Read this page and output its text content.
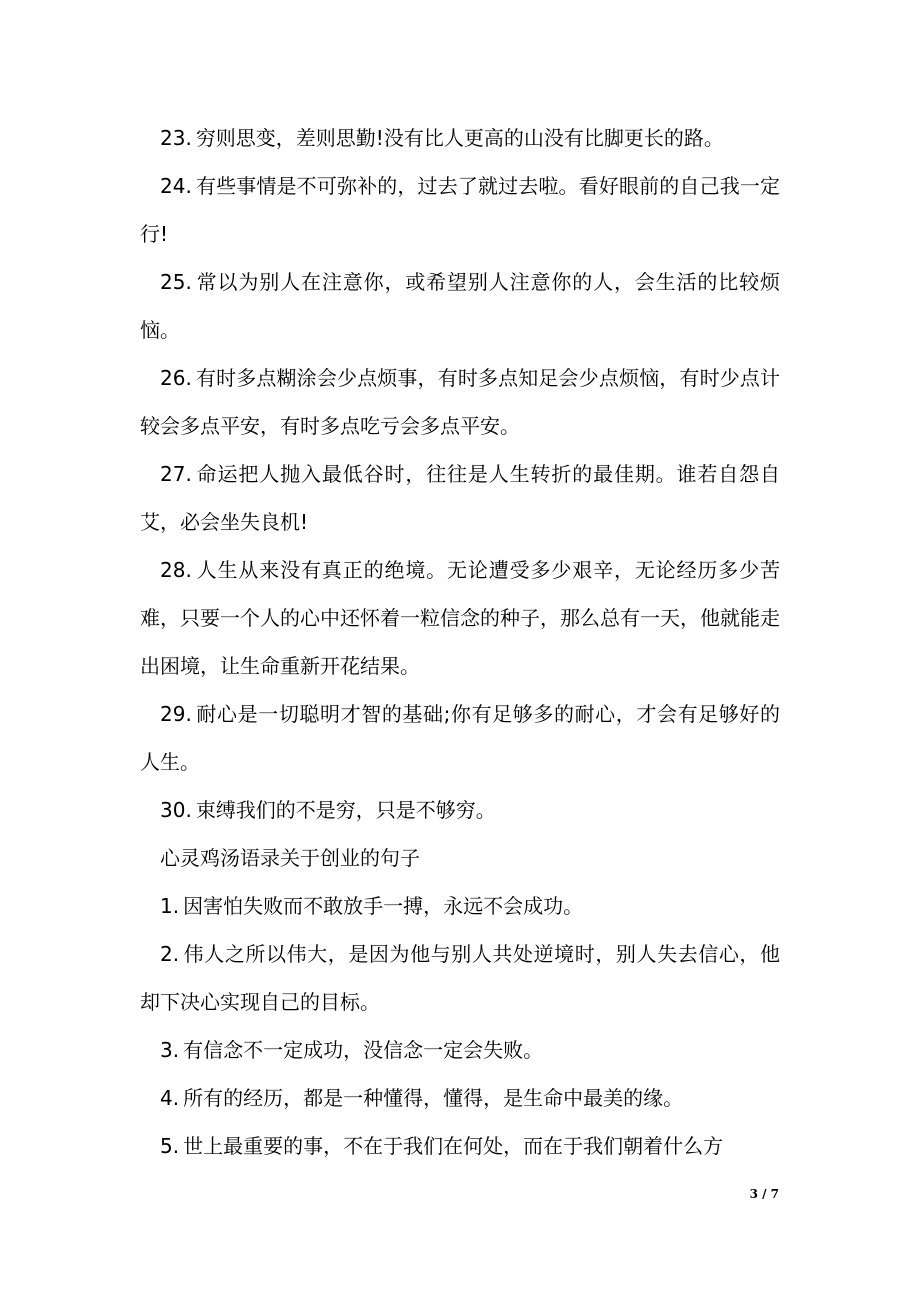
23. 穷则思变，差则思勤!没有比人更高的山没有比脚更长的路。

24. 有些事情是不可弥补的，过去了就过去啦。看好眼前的自己我一定行!

25. 常以为别人在注意你，或希望别人注意你的人，会生活的比较烦恼。

26. 有时多点糊涂会少点烦事，有时多点知足会少点烦恼，有时少点计较会多点平安，有时多点吃亏会多点平安。

27. 命运把人抛入最低谷时，往往是人生转折的最佳期。谁若自怨自艾，必会坐失良机!

28. 人生从来没有真正的绝境。无论遭受多少艰辛，无论经历多少苦难，只要一个人的心中还怀着一粒信念的种子，那么总有一天，他就能走出困境，让生命重新开花结果。

29. 耐心是一切聪明才智的基础;你有足够多的耐心，才会有足够好的人生。

30. 束缚我们的不是穷，只是不够穷。

心灵鸡汤语录关于创业的句子

1. 因害怕失败而不敢放手一搏，永远不会成功。

2. 伟人之所以伟大，是因为他与别人共处逆境时，别人失去信心，他却下决心实现自己的目标。

3. 有信念不一定成功，没信念一定会失败。

4. 所有的经历，都是一种懂得，懂得，是生命中最美的缘。

5. 世上最重要的事，不在于我们在何处，而在于我们朝着什么方

3 / 7
